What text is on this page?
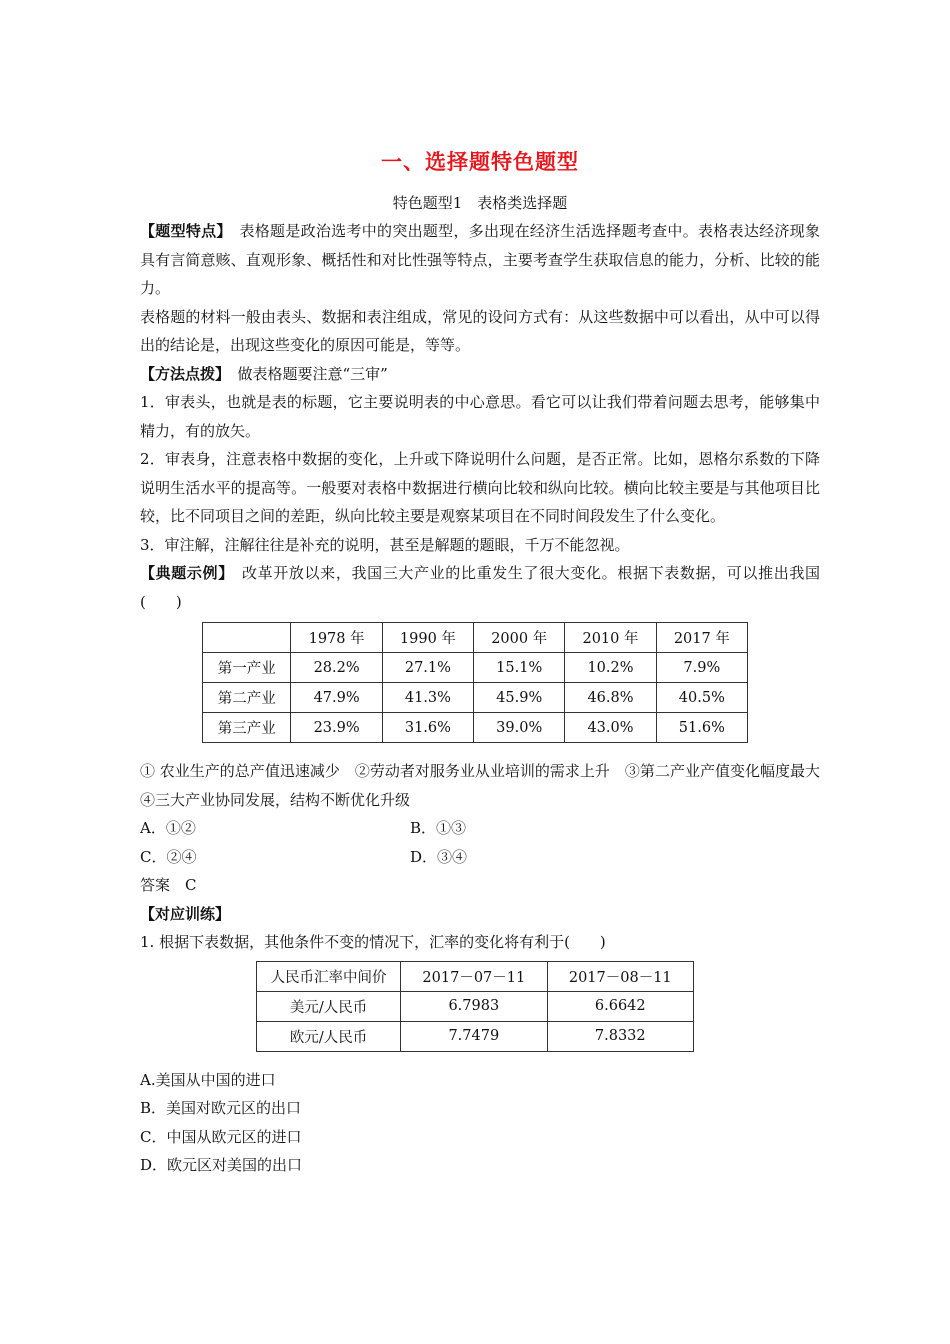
一、选择题特色题型
特色题型1　表格类选择题

【题型特点】　表格题是政治选考中的突出题型，多出现在经济生活选择题考查中。表格表达经济现象具有言简意赅、直观形象、概括性和对比性强等特点，主要考查学生获取信息的能力，分析、比较的能力。

表格题的材料一般由表头、数据和表注组成，常见的设问方式有：从这些数据中可以看出，从中可以得出的结论是，出现这些变化的原因可能是，等等。

【方法点拨】　做表格题要注意“三审”

1．审表头，也就是表的标题，它主要说明表的中心意思。看它可以让我们带着问题去思考，能够集中精力，有的放矢。

2．审表身，注意表格中数据的变化，上升或下降说明什么问题，是否正常。比如，恩格尔系数的下降说明生活水平的提高等。一般要对表格中数据进行横向比较和纵向比较。横向比较主要是与其他项目比较，比不同项目之间的差距，纵向比较主要是观察某项目在不同时间段发生了什么变化。

3．审注解，注解往往是补充的说明，甚至是解题的题眼，千万不能忽视。

【典题示例】　改革开放以来，我国三大产业的比重发生了很大变化。根据下表数据，可以推出我国(　　)

	1978 年	1990 年	2000 年	2010 年	2017 年
第一产业	28.2%	27.1%	15.1%	10.2%	7.9%
第二产业	47.9%	41.3%	45.9%	46.8%	40.5%
第三产业	23.9%	31.6%	39.0%	43.0%	51.6%

① 农业生产的总产值迅速减少　②劳动者对服务业从业培训的需求上升　③第二产业产值变化幅度最大　④三大产业协同发展，结构不断优化升级

A．①②	B．①③
C．②④	D．③④

答案　C

【对应训练】

1. 根据下表数据，其他条件不变的情况下，汇率的变化将有利于(　　)

人民币汇率中间价	2017－07－11	2017－08－11
美元/人民币	6.7983	6.6642
欧元/人民币	7.7479	7.8332

A.美国从中国的进口

B．美国对欧元区的出口

C．中国从欧元区的进口

D．欧元区对美国的出口
